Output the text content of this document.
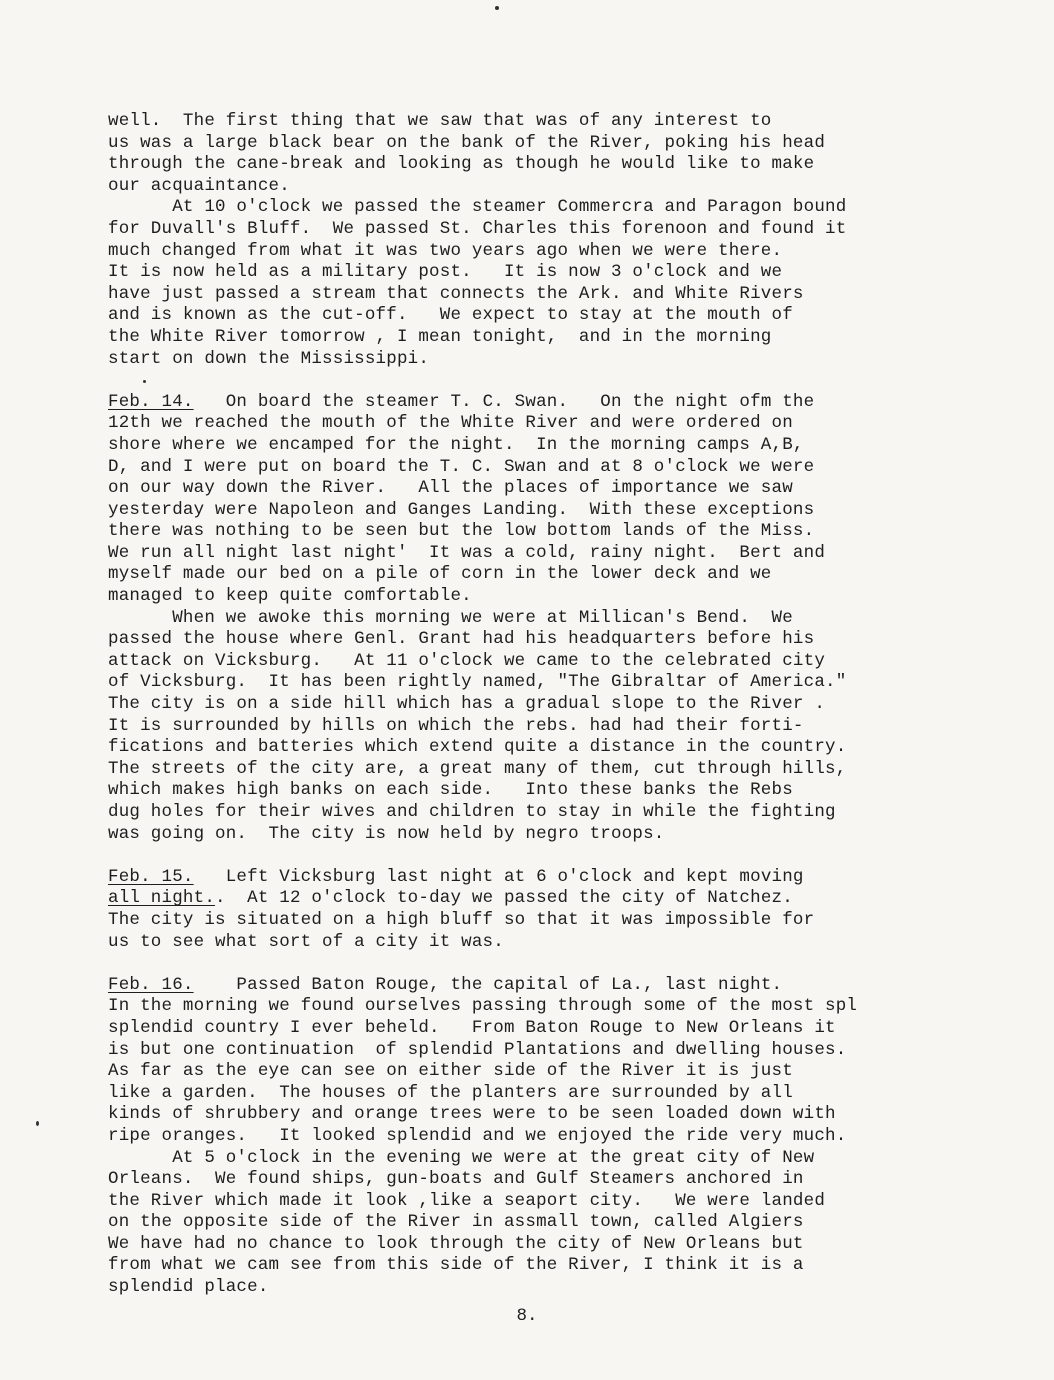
well.  The first thing that we saw that was of any interest to
us was a large black bear on the bank of the River, poking his head
through the cane-break and looking as though he would like to make
our acquaintance.
At 10 o'clock we passed the steamer Commercra and Paragon bound
for Duvall's Bluff.  We passed St. Charles this forenoon and found it
much changed from what it was two years ago when we were there.
It is now held as a military post.   It is now 3 o'clock and we
have just passed a stream that connects the Ark. and White Rivers
and is known as the cut-off.   We expect to stay at the mouth of
the White River tomorrow , I mean tonight,  and in the morning
start on down the Mississippi.
Feb. 14.   On board the steamer T. C. Swan.   On the night ofm the
12th we reached the mouth of the White River and were ordered on
shore where we encamped for the night.  In the morning camps A,B,
D, and I were put on board the T. C. Swan and at 8 o'clock we were
on our way down the River.   All the places of importance we saw
yesterday were Napoleon and Ganges Landing.  With these exceptions
there was nothing to be seen but the low bottom lands of the Miss.
We run all night last night'  It was a cold, rainy night.  Bert and
myself made our bed on a pile of corn in the lower deck and we
managed to keep quite comfortable.
When we awoke this morning we were at Millican's Bend.  We
passed the house where Genl. Grant had his headquarters before his
attack on Vicksburg.   At 11 o'clock we came to the celebrated city
of Vicksburg.  It has been rightly named, "The Gibraltar of America."
The city is on a side hill which has a gradual slope to the River .
It is surrounded by hills on which the rebs. had had their forti-
fications and batteries which extend quite a distance in the country.
The streets of the city are, a great many of them, cut through hills,
which makes high banks on each side.   Into these banks the Rebs
dug holes for their wives and children to stay in while the fighting
was going on.  The city is now held by negro troops.
Feb. 15.   Left Vicksburg last night at 6 o'clock and kept moving
all night..  At 12 o'clock to-day we passed the city of Natchez.
The city is situated on a high bluff so that it was impossible for
us to see what sort of a city it was.
Feb. 16.    Passed Baton Rouge, the capital of La., last night.
In the morning we found ourselves passing through some of the most spl
splendid country I ever beheld.   From Baton Rouge to New Orleans it
is but one continuation  of splendid Plantations and dwelling houses.
As far as the eye can see on either side of the River it is just
like a garden.  The houses of the planters are surrounded by all
kinds of shrubbery and orange trees were to be seen loaded down with
ripe oranges.   It looked splendid and we enjoyed the ride very much.
At 5 o'clock in the evening we were at the great city of New
Orleans.  We found ships, gun-boats and Gulf Steamers anchored in
the River which made it look ,like a seaport city.   We were landed
on the opposite side of the River in assmall town, called Algiers
We have had no chance to look through the city of New Orleans but
from what we cam see from this side of the River, I think it is a
splendid place.
8.
